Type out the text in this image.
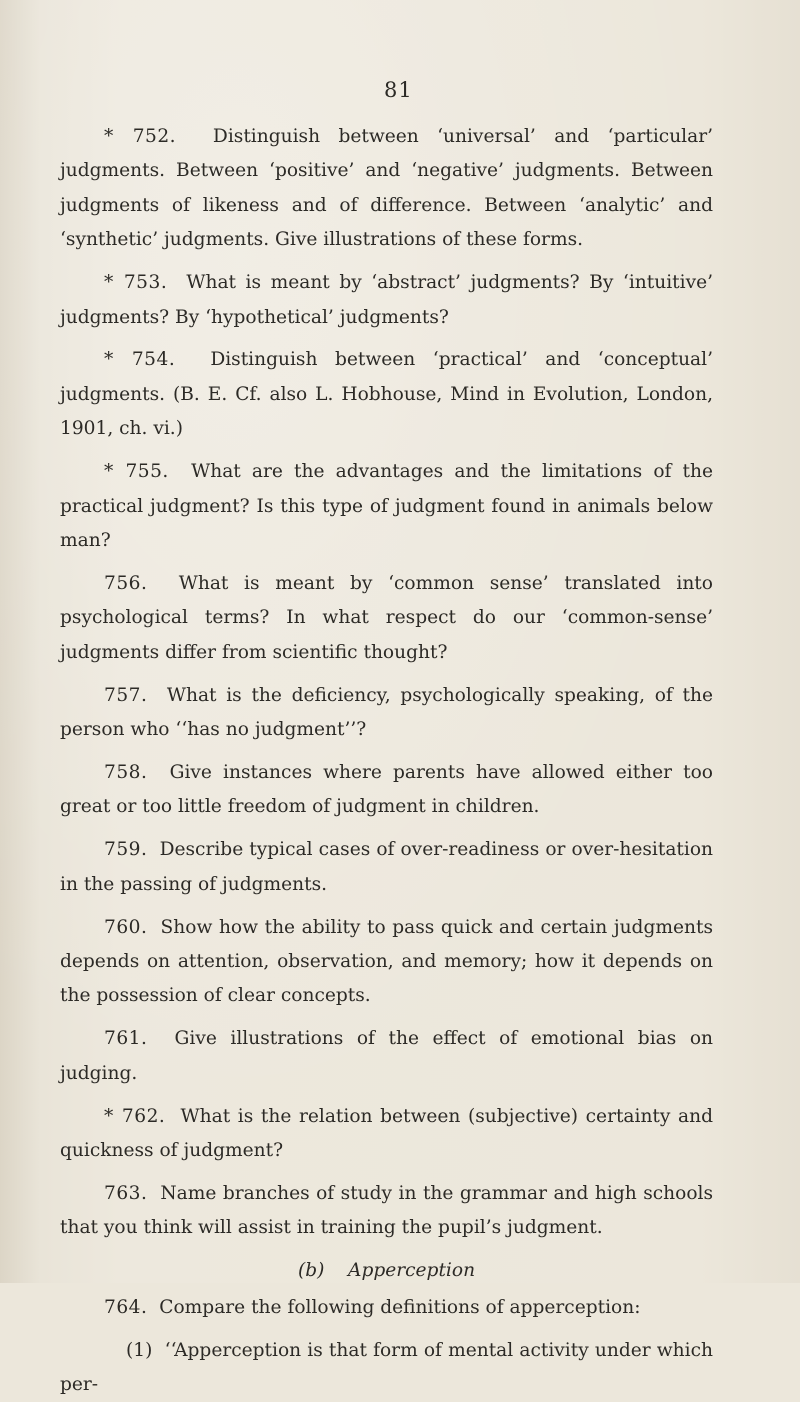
81

* 752. Distinguish between ‘universal’ and ‘particular’ judgments. Between ‘positive’ and ‘negative’ judgments. Between judgments of likeness and of difference. Between ‘analytic’ and ‘synthetic’ judgments. Give illustrations of these forms.

* 753. What is meant by ‘abstract’ judgments? By ‘intuitive’ judgments? By ‘hypothetical’ judgments?

* 754. Distinguish between ‘practical’ and ‘conceptual’ judgments. (B. E. Cf. also L. Hobhouse, Mind in Evolution, London, 1901, ch. vi.)

* 755. What are the advantages and the limitations of the practical judgment? Is this type of judgment found in animals below man?

756. What is meant by ‘common sense’ translated into psychological terms? In what respect do our ‘common-sense’ judgments differ from scientific thought?

757. What is the deficiency, psychologically speaking, of the person who ‘‘has no judgment’’?

758. Give instances where parents have allowed either too great or too little freedom of judgment in children.

759. Describe typical cases of over-readiness or over-hesitation in the passing of judgments.

760. Show how the ability to pass quick and certain judgments depends on attention, observation, and memory; how it depends on the possession of clear concepts.

761. Give illustrations of the effect of emotional bias on judging.

* 762. What is the relation between (subjective) certainty and quickness of judgment?

763. Name branches of study in the grammar and high schools that you think will assist in training the pupil’s judgment.

(b) Apperception

764. Compare the following definitions of apperception:

(1) ‘‘Apperception is that form of mental activity under which per-
